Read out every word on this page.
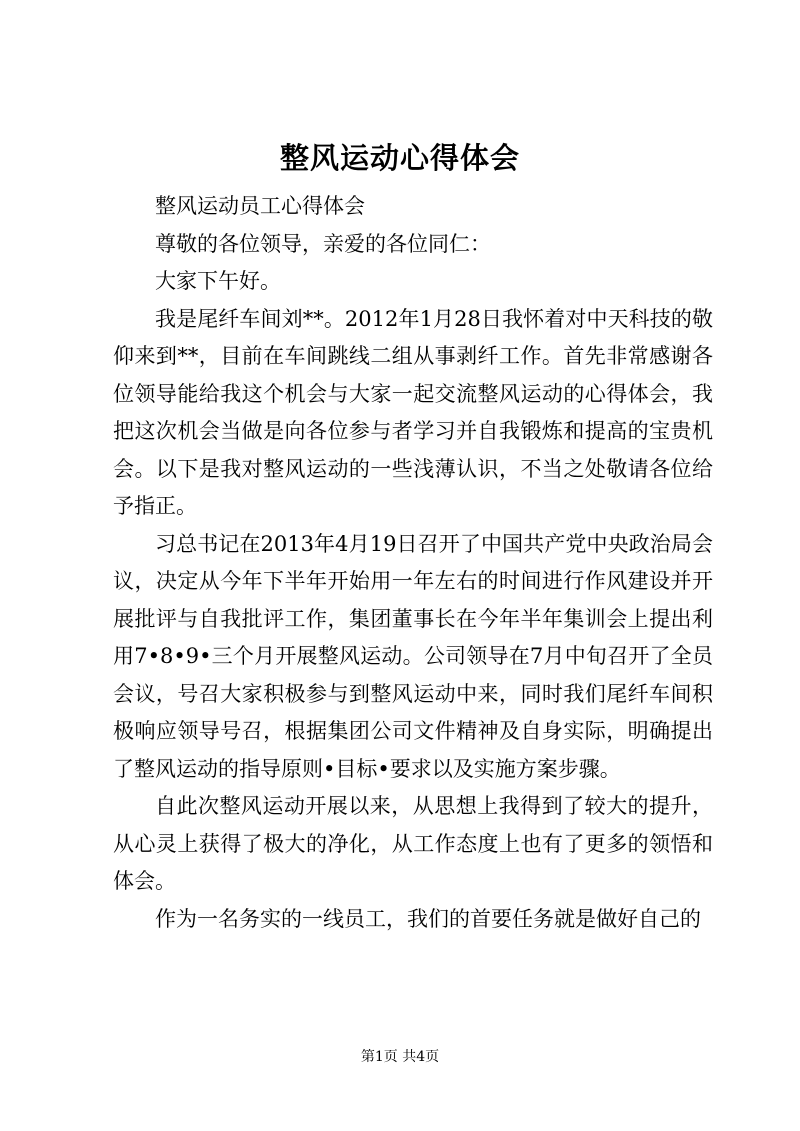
整风运动心得体会

整风运动员工心得体会

尊敬的各位领导，亲爱的各位同仁：

大家下午好。

我是尾纤车间刘**。2012年1月28日我怀着对中天科技的敬仰来到**，目前在车间跳线二组从事剥纤工作。首先非常感谢各位领导能给我这个机会与大家一起交流整风运动的心得体会，我把这次机会当做是向各位参与者学习并自我锻炼和提高的宝贵机会。以下是我对整风运动的一些浅薄认识，不当之处敬请各位给予指正。

习总书记在2013年4月19日召开了中国共产党中央政治局会议，决定从今年下半年开始用一年左右的时间进行作风建设并开展批评与自我批评工作，集团董事长在今年半年集训会上提出利用7•8•9•三个月开展整风运动。公司领导在7月中旬召开了全员会议，号召大家积极参与到整风运动中来，同时我们尾纤车间积极响应领导号召，根据集团公司文件精神及自身实际，明确提出了整风运动的指导原则•目标•要求以及实施方案步骤。

自此次整风运动开展以来，从思想上我得到了较大的提升，从心灵上获得了极大的净化，从工作态度上也有了更多的领悟和体会。

作为一名务实的一线员工，我们的首要任务就是做好自己的

第1页 共4页
